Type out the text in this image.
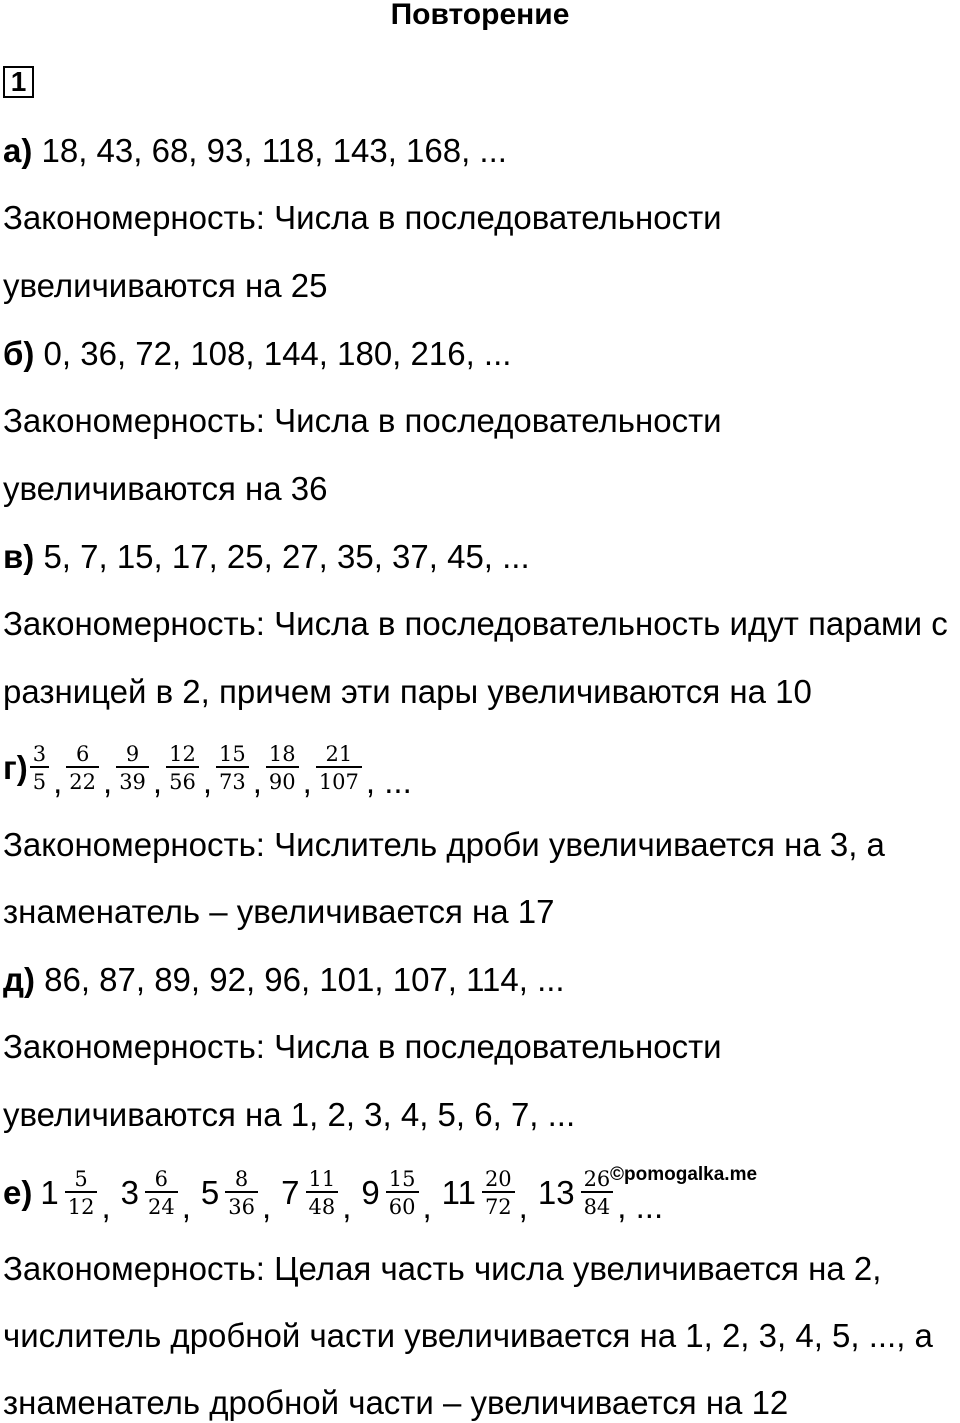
Повторение
1
а) 18, 43, 68, 93, 118, 143, 168, ...
Закономерность: Числа в последовательности
увеличиваются на 25
б) 0, 36, 72, 108, 144, 180, 216, ...
Закономерность: Числа в последовательности
увеличиваются на 36
в) 5, 7, 15, 17, 25, 27, 35, 37, 45, ...
Закономерность: Числа в последовательность идут парами с
разницей в 2, причем эти пары увеличиваются на 10
$г) \frac{3}{5}$ , $\frac{6}{22}$ , $\frac{9}{39}$ , $\frac{12}{56}$ , $\frac{15}{73}$ , $\frac{18}{90}$ , $\frac{21}{107}$ , ...
Закономерность: Числитель дроби увеличивается на 3, а
знаменатель – увеличивается на 17
д) 86, 87, 89, 92, 96, 101, 107, 114, ...
Закономерность: Числа в последовательности
увеличиваются на 1, 2, 3, 4, 5, 6, 7, ...
е) $1 \frac{5}{12}$ , $3 \frac{6}{24}$ , $5 \frac{8}{36}$ , $7 \frac{11}{48}$ , $9 \frac{15}{60}$ , $11 \frac{20}{72}$ , $13 \frac{26}{84}$ , ...
©pomogalka.me
Закономерность: Целая часть числа увеличивается на 2,
числитель дробной части увеличивается на 1, 2, 3, 4, 5, ..., а
знаменатель дробной части – увеличивается на 12
